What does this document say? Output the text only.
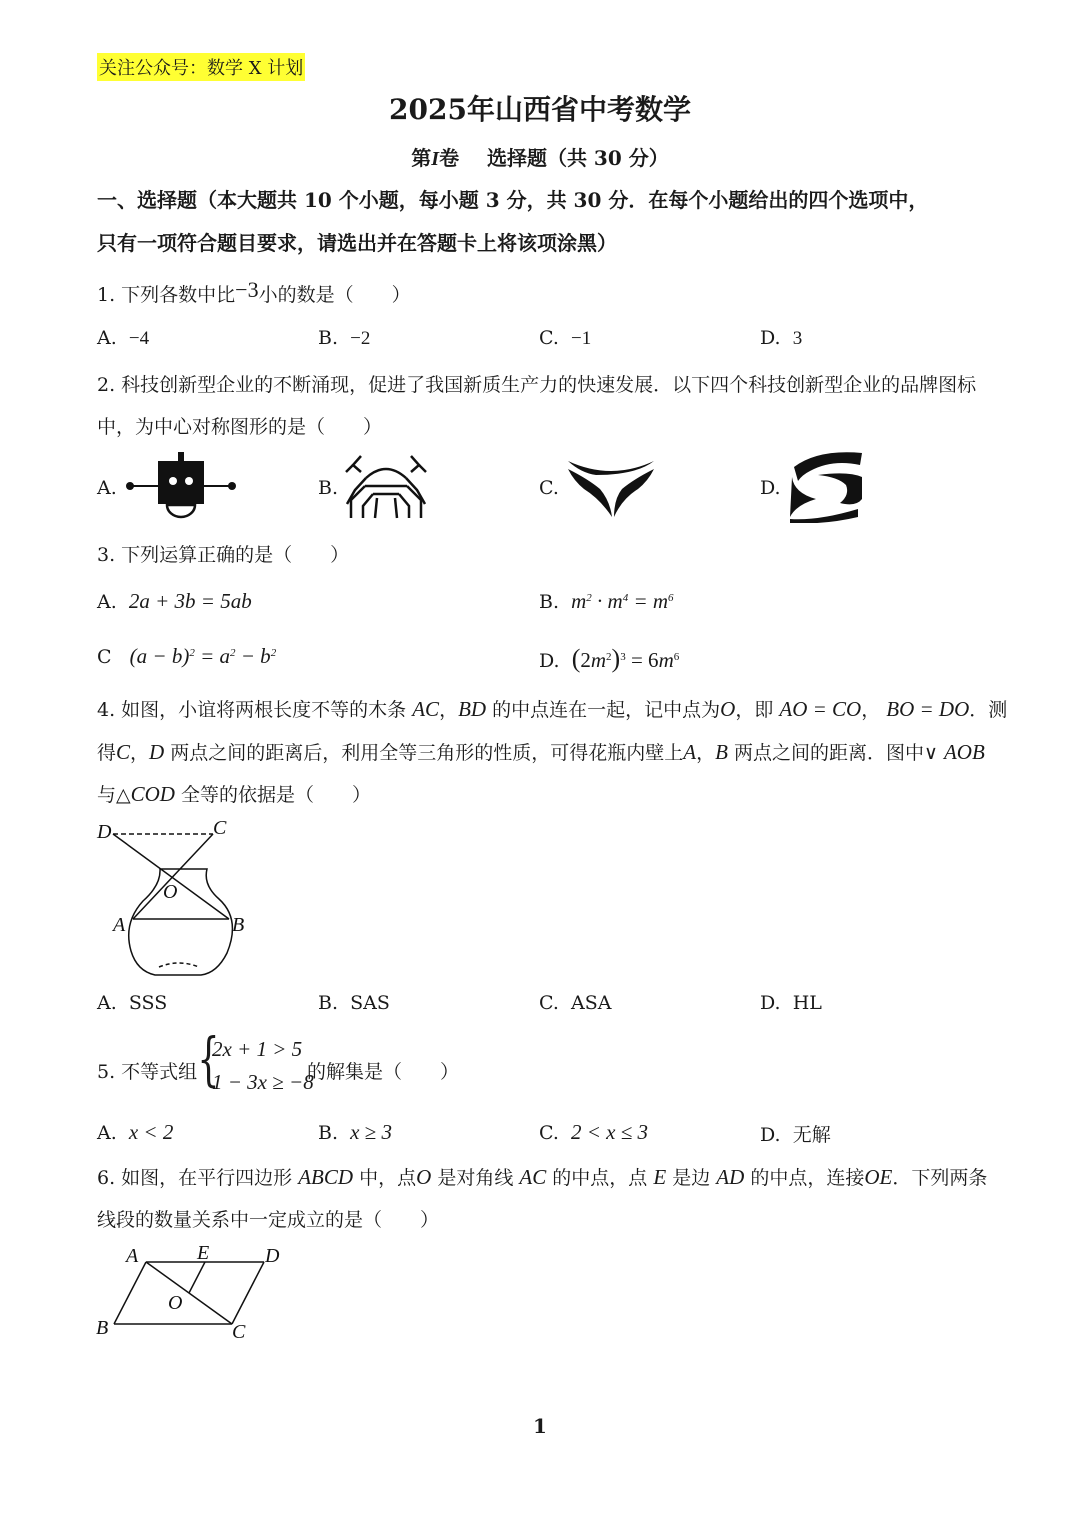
关注公众号：数学 X 计划
2025年山西省中考数学
第I卷    选择题（共 30 分）
一、选择题（本大题共 10 个小题，每小题 3 分，共 30 分．在每个小题给出的四个选项中，
只有一项符合题目要求，请选出并在答题卡上将该项涂黑）
1. 下列各数中比−3小的数是（　　）
A. −4	B. −2	C. −1	D. 3
2. 科技创新型企业的不断涌现，促进了我国新质生产力的快速发展．以下四个科技创新型企业的品牌图标
中，为中心对称图形的是（　　）
A.	B.	C.	D.
3. 下列运算正确的是（　　）
A. 2a + 3b = 5ab	B. $m^2 \cdot m^4 = m^6$
C $(a - b)^2 = a^2 - b^2$	D. $(2m^2)^3 = 6m^6$
4. 如图，小谊将两根长度不等的木条 AC，BD 的中点连在一起，记中点为O，即 AO = CO， BO = DO．测
得C，D 两点之间的距离后，利用全等三角形的性质，可得花瓶内壁上A，B 两点之间的距离．图中∨ AOB
与△COD 全等的依据是（　　）
D	C
O
A	B
A. SSS	B. SAS	C. ASA	D. HL
5. 不等式组 {
2x + 1 > 5
1 − 3x ≥ −8
的解集是（　　）
A. x < 2	B. x ≥ 3	C. 2 < x ≤ 3	D. 无解
6. 如图，在平行四边形 ABCD 中，点O 是对角线 AC 的中点，点 E 是边 AD 的中点，连接OE．下列两条
线段的数量关系中一定成立的是（　　）
A	E	D
O
B	C
1
